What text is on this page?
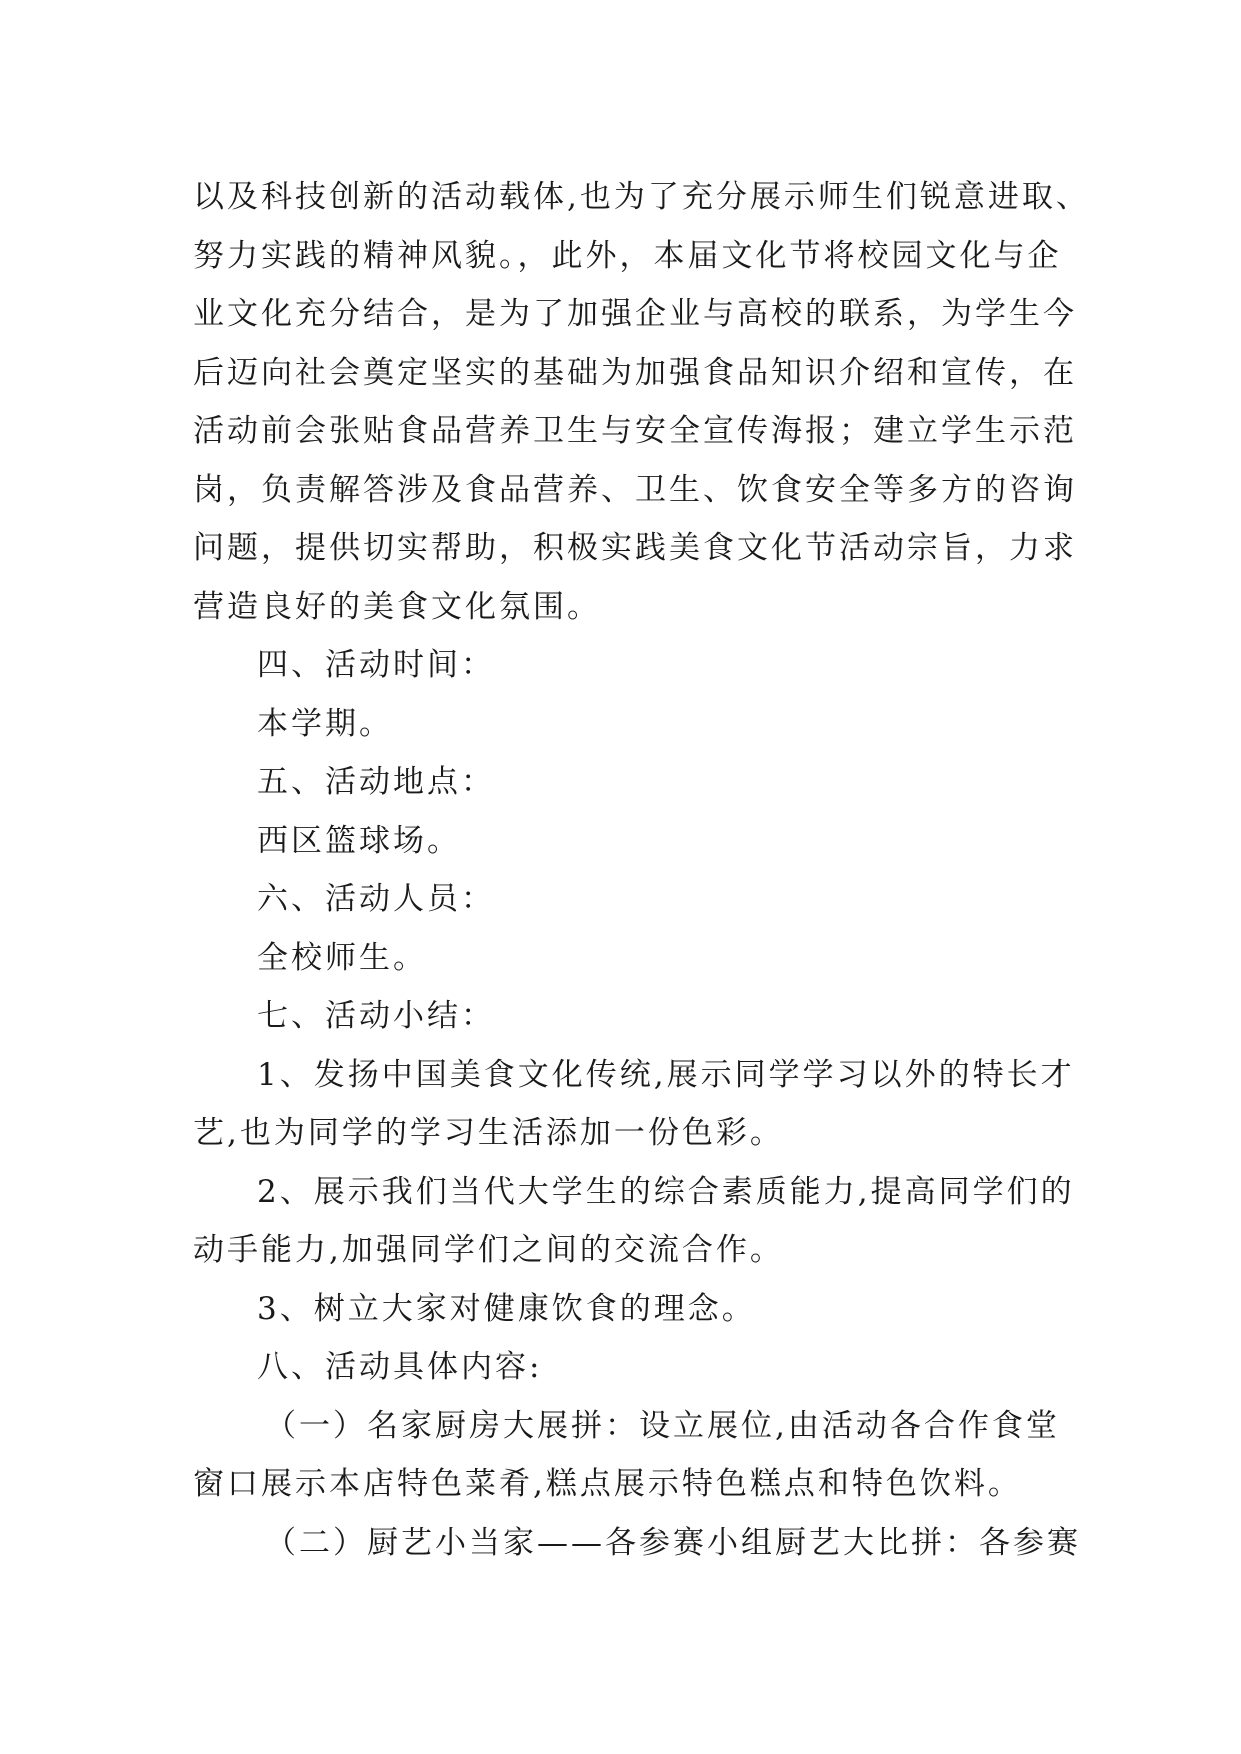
以及科技创新的活动载体,也为了充分展示师生们锐意进取、
努力实践的精神风貌。，此外，本届文化节将校园文化与企
业文化充分结合，是为了加强企业与高校的联系，为学生今
后迈向社会奠定坚实的基础为加强食品知识介绍和宣传，在
活动前会张贴食品营养卫生与安全宣传海报；建立学生示范
岗，负责解答涉及食品营养、卫生、饮食安全等多方的咨询
问题，提供切实帮助，积极实践美食文化节活动宗旨，力求
营造良好的美食文化氛围。
四、活动时间：
本学期。
五、活动地点：
西区篮球场。
六、活动人员：
全校师生。
七、活动小结：
1、发扬中国美食文化传统,展示同学学习以外的特长才
艺,也为同学的学习生活添加一份色彩。
2、展示我们当代大学生的综合素质能力,提高同学们的
动手能力,加强同学们之间的交流合作。
3、树立大家对健康饮食的理念。
八、活动具体内容:
（一）名家厨房大展拼：设立展位,由活动各合作食堂
窗口展示本店特色菜肴,糕点展示特色糕点和特色饮料。
（二）厨艺小当家——各参赛小组厨艺大比拼：各参赛
